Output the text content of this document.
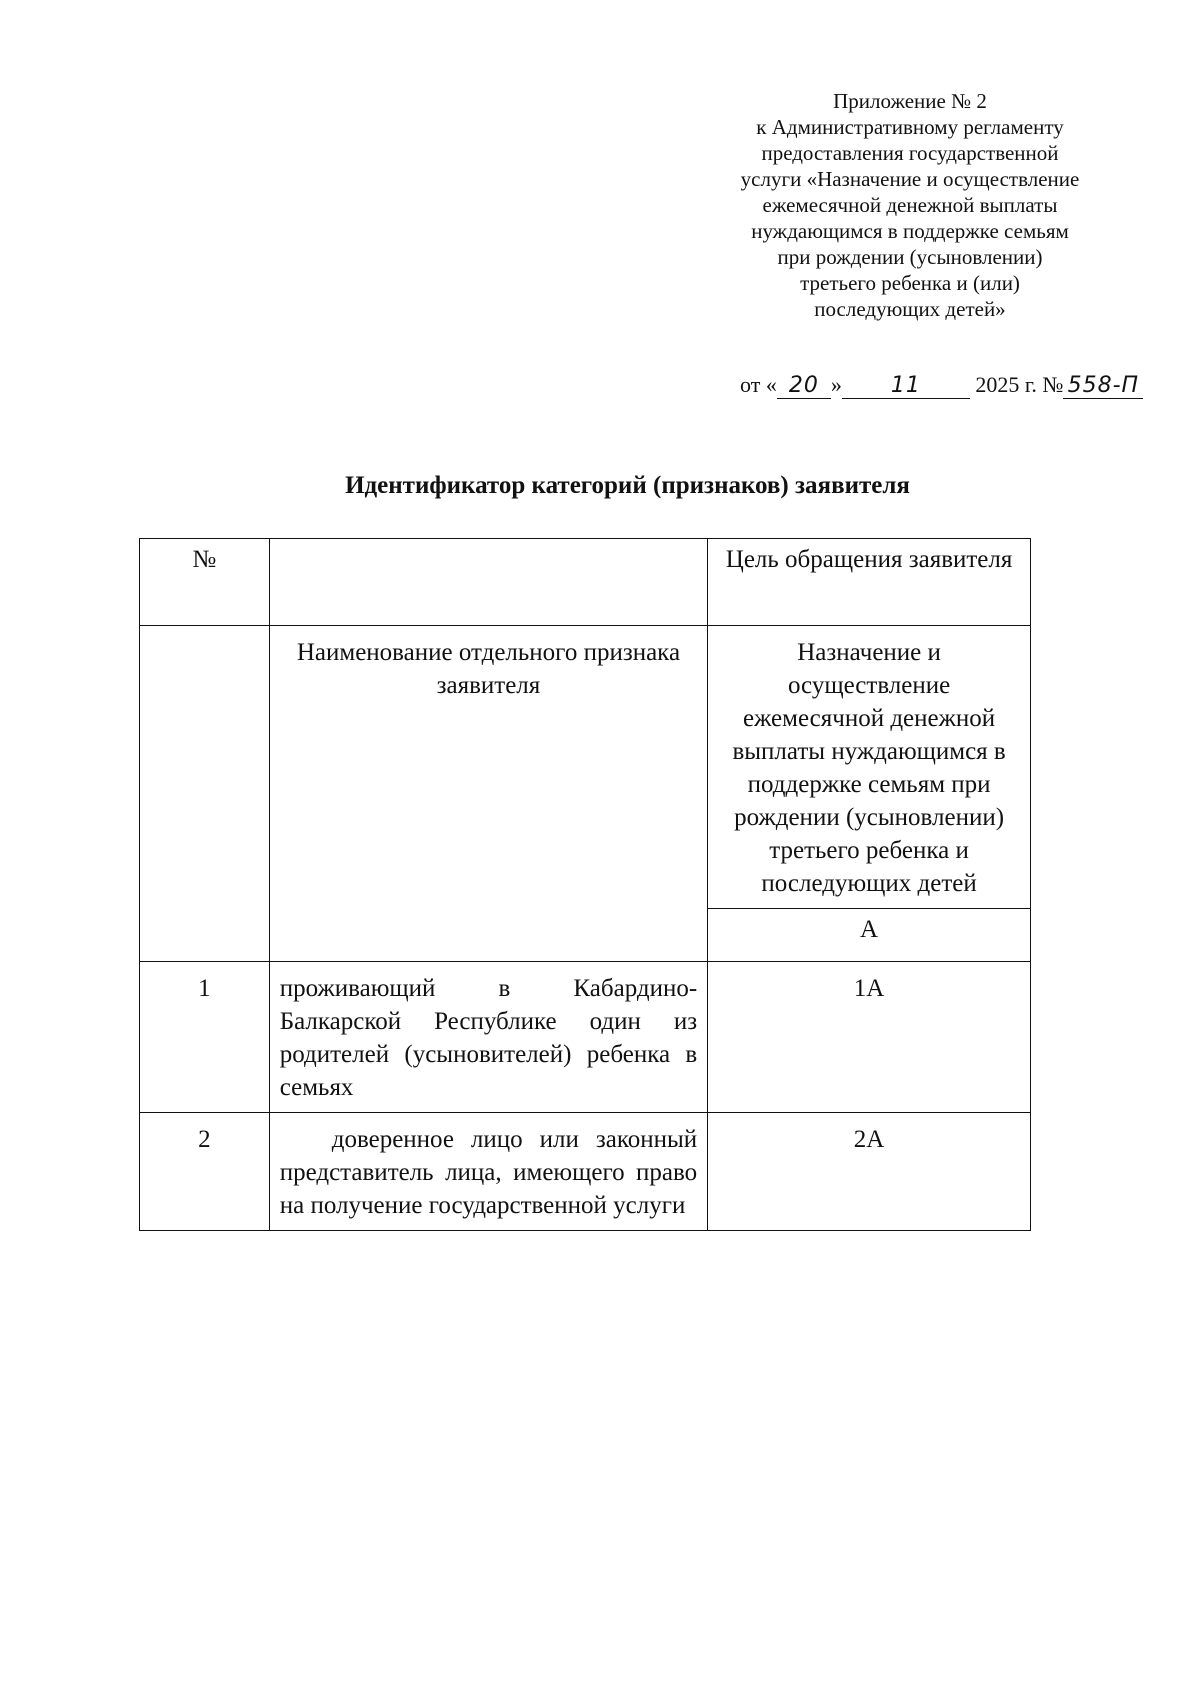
Приложение № 2
к Административному регламенту
предоставления государственной
услуги «Назначение и осуществление
ежемесячной денежной выплаты
нуждающимся в поддержке семьям
при рождении (усыновлении)
третьего ребенка и (или)
последующих детей»
от « 20 » 11 2025 г. № 558-П
Идентификатор категорий (признаков) заявителя
№		Цель обращения заявителя
	Наименование отдельного признака заявителя	Назначение и осуществление ежемесячной денежной выплаты нуждающимся в поддержке семьям при рождении (усыновлении) третьего ребенка и последующих детей
		А
1	проживающий в Кабардино-Балкарской Республике один из родителей (усыновителей) ребенка в семьях	1А
2	доверенное лицо или законный представитель лица, имеющего право на получение государственной услуги	2А
